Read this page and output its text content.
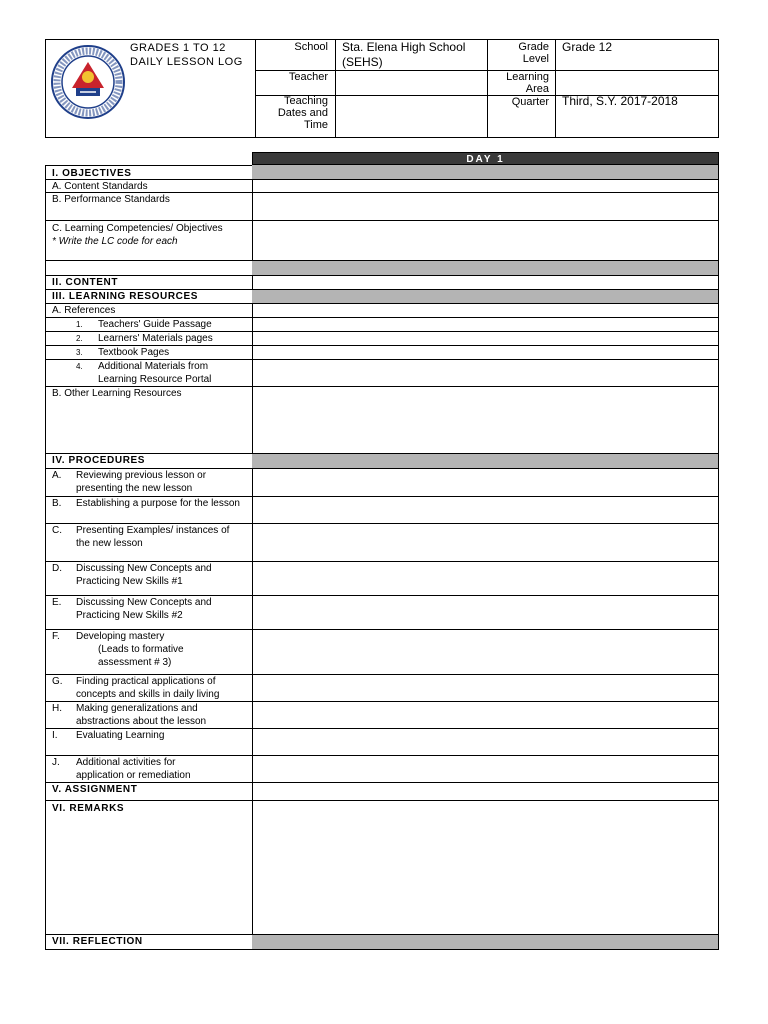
GRADES 1 TO 12
DAILY LESSON LOG
School Sta. Elena High School (SEHS)
Grade Level
Grade 12
Teacher	Learning Area
Teaching Dates and Time
Quarter Third, S.Y. 2017-2018
DAY 1
I. OBJECTIVES
A. Content Standards
B. Performance Standards
C. Learning Competencies/ Objectives
* Write the LC code for each
II. CONTENT
III. LEARNING RESOURCES
A. References
1. Teachers' Guide Passage
2. Learners' Materials pages
3. Textbook Pages
4. Additional Materials from Learning Resource Portal
B. Other Learning Resources
IV. PROCEDURES
A. Reviewing previous lesson or presenting the new lesson
B. Establishing a purpose for the lesson
C. Presenting Examples/ instances of the new lesson
D. Discussing New Concepts and Practicing New Skills #1
E. Discussing New Concepts and Practicing New Skills #2
F. Developing mastery
(Leads to formative assessment # 3)
G. Finding practical applications of concepts and skills in daily living
H. Making generalizations and abstractions about the lesson
I. Evaluating Learning
J. Additional activities for application or remediation
V. ASSIGNMENT
VI. REMARKS
VII. REFLECTION
